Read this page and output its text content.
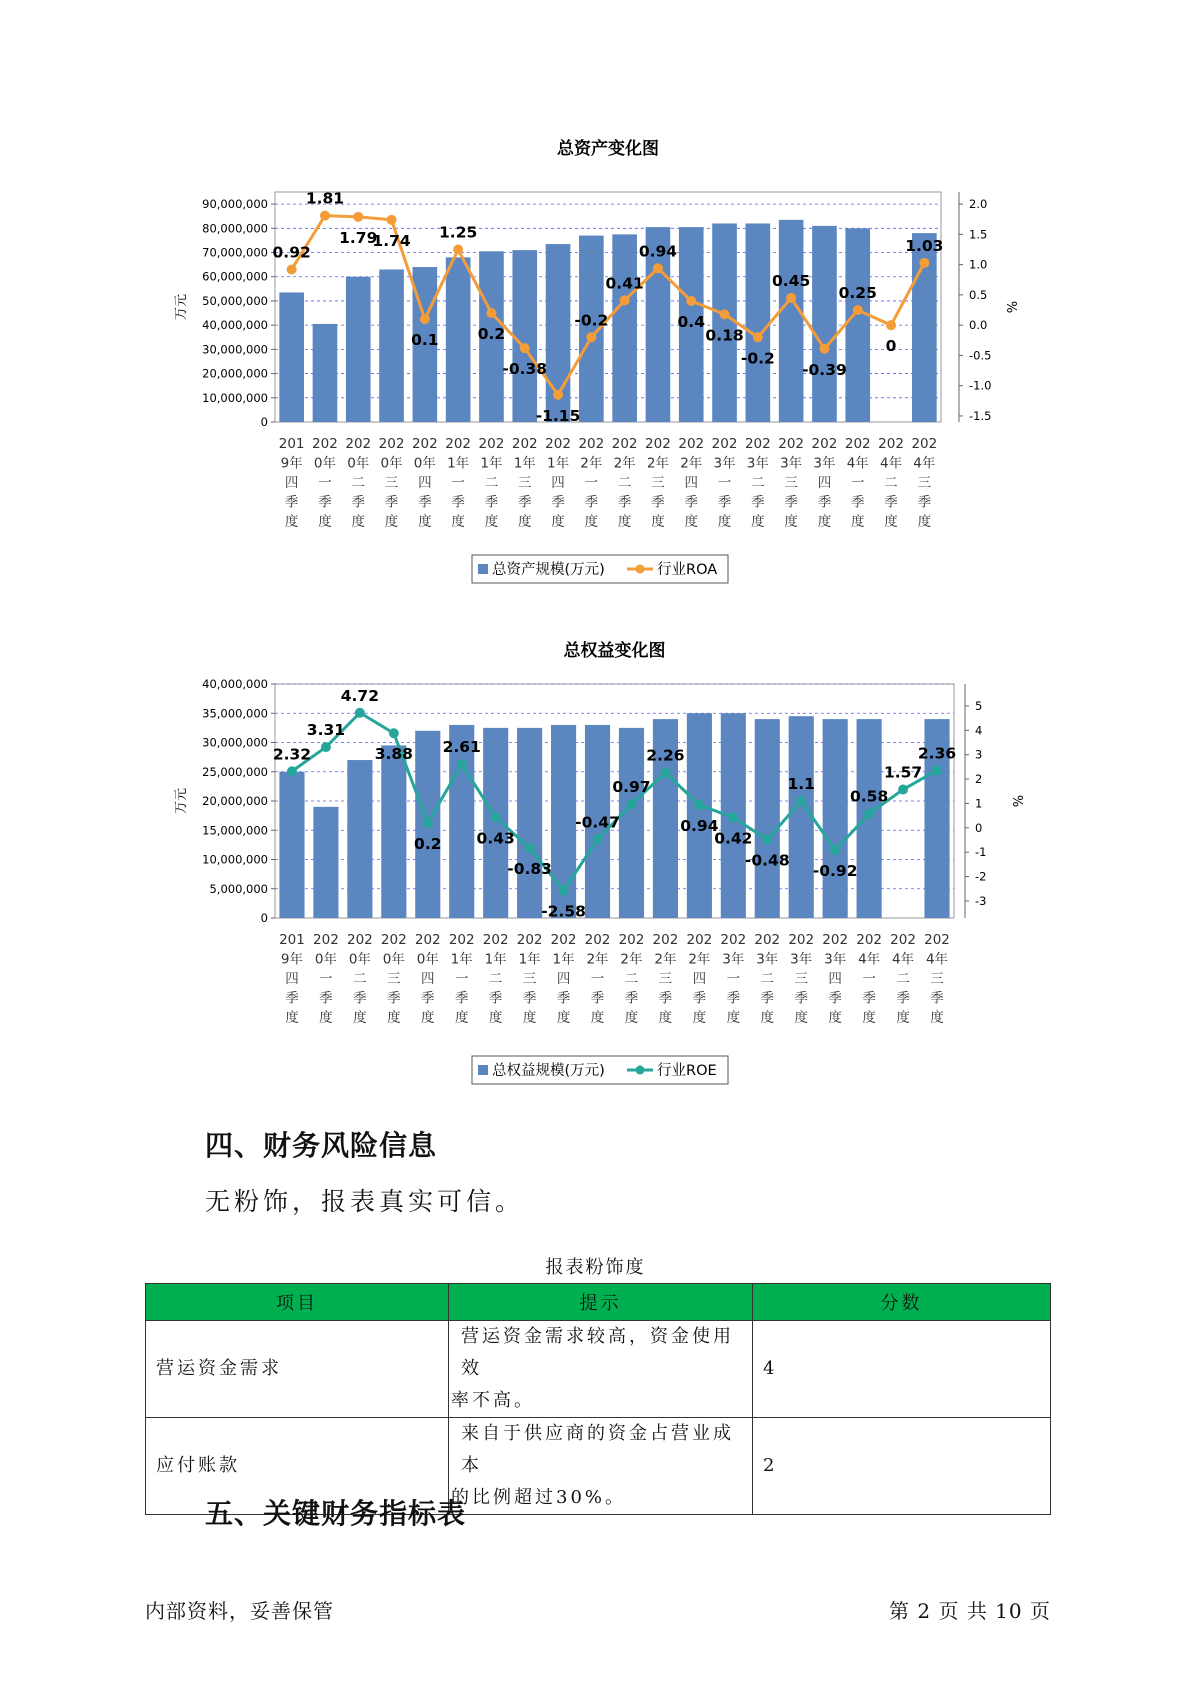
总资产变化图
0
10,000,000
20,000,000
30,000,000
40,000,000
50,000,000
60,000,000
70,000,000
80,000,000
90,000,000
-1.5
-1.0
-0.5
0.0
0.5
1.0
1.5
2.0
万元	%
201 9年四季度
202 0年一季度
202 0年二季度
202 0年三季度
202 0年四季度
202 1年一季度
202 1年二季度
202 1年三季度
202 1年四季度
202 2年一季度
202 2年二季度
202 2年三季度
202 2年四季度
202 3年一季度
202 3年二季度
202 3年三季度
202 3年四季度
202 4年一季度
202 4年二季度
202 4年三季度
0.92
1.81
1.79
1.74
0.1
1.25
0.2
-0.38
-1.15
-0.2
0.41
0.94
0.4
0.18
-0.2
0.45
-0.39
0.25
0
1.03
总资产规模(万元)	行业ROA
总权益变化图
0
5,000,000
10,000,000
15,000,000
20,000,000
25,000,000
30,000,000
35,000,000
40,000,000
-3
-2
-1
0
1
2
3
4
5
万元	%
201 9年四季度
202 0年一季度
202 0年二季度
202 0年三季度
202 0年四季度
202 1年一季度
202 1年二季度
202 1年三季度
202 1年四季度
202 2年一季度
202 2年二季度
202 2年三季度
202 2年四季度
202 3年一季度
202 3年二季度
202 3年三季度
202 3年四季度
202 4年一季度
202 4年二季度
202 4年三季度
2.32
3.31
4.72
3.88
0.2
2.61
0.43
-0.83
-2.58
-0.47
0.97
2.26
0.94
0.42
-0.48
1.1
-0.92
0.58
1.57
2.36
总权益规模(万元)	行业ROE
四、财务风险信息
无粉饰，报表真实可信。
报表粉饰度
项目	提示	分数
营运资金需求	营运资金需求较高，资金使用效
率不高。	4
应付账款	来自于供应商的资金占营业成本
的比例超过30%。	2
五、关键财务指标表
内部资料，妥善保管	第 2 页 共 10 页
